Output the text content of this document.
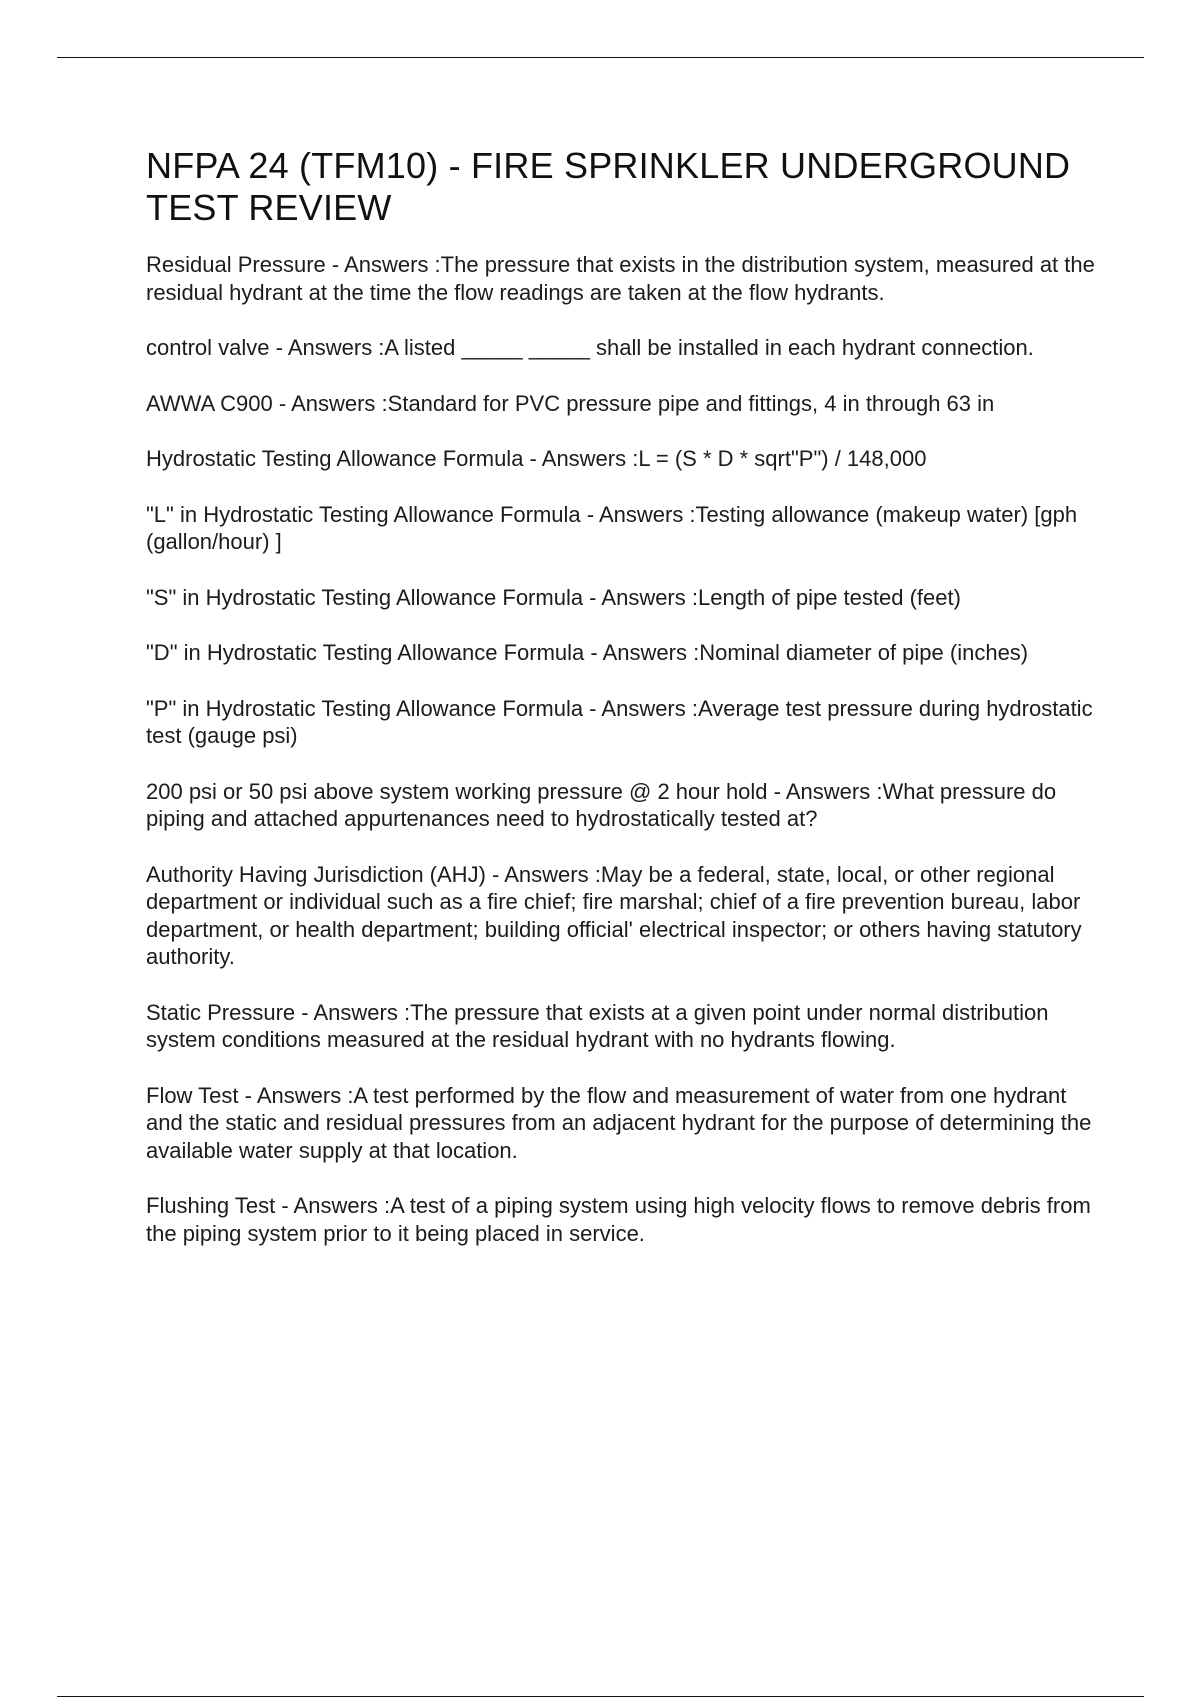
NFPA 24 (TFM10) - FIRE SPRINKLER UNDERGROUND TEST REVIEW

Residual Pressure - Answers :The pressure that exists in the distribution system, measured at the residual hydrant at the time the flow readings are taken at the flow hydrants.

control valve - Answers :A listed _____ _____ shall be installed in each hydrant connection.

AWWA C900 - Answers :Standard for PVC pressure pipe and fittings, 4 in through 63 in

Hydrostatic Testing Allowance Formula - Answers :L = (S * D * sqrt"P") / 148,000

"L" in Hydrostatic Testing Allowance Formula - Answers :Testing allowance (makeup water) [gph (gallon/hour) ]

"S" in Hydrostatic Testing Allowance Formula - Answers :Length of pipe tested (feet)

"D" in Hydrostatic Testing Allowance Formula - Answers :Nominal diameter of pipe (inches)

"P" in Hydrostatic Testing Allowance Formula - Answers :Average test pressure during hydrostatic test (gauge psi)

200 psi or 50 psi above system working pressure @ 2 hour hold - Answers :What pressure do piping and attached appurtenances need to hydrostatically tested at?

Authority Having Jurisdiction (AHJ) - Answers :May be a federal, state, local, or other regional department or individual such as a fire chief; fire marshal; chief of a fire prevention bureau, labor department, or health department; building official' electrical inspector; or others having statutory authority.

Static Pressure - Answers :The pressure that exists at a given point under normal distribution system conditions measured at the residual hydrant with no hydrants flowing.

Flow Test - Answers :A test performed by the flow and measurement of water from one hydrant and the static and residual pressures from an adjacent hydrant for the purpose of determining the available water supply at that location.

Flushing Test - Answers :A test of a piping system using high velocity flows to remove debris from the piping system prior to it being placed in service.
